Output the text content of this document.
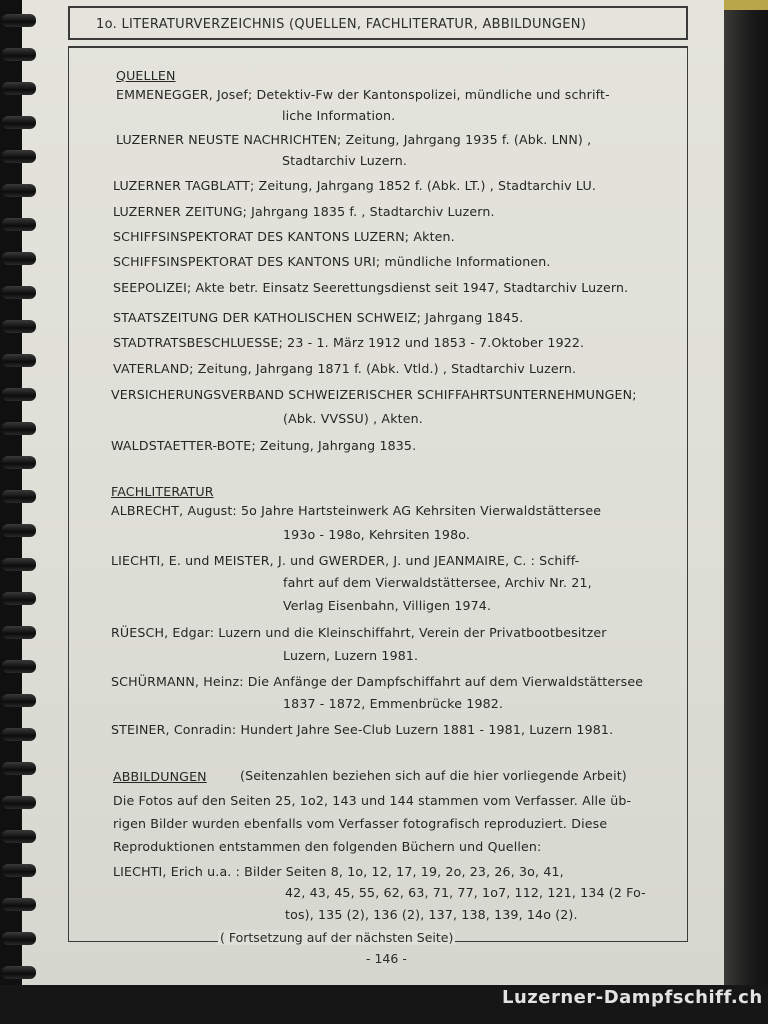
1o. LITERATURVERZEICHNIS (QUELLEN, FACHLITERATUR, ABBILDUNGEN)
QUELLEN
EMMENEGGER, Josef; Detektiv-Fw der Kantonspolizei, mündliche und schrift-
liche Information.
LUZERNER NEUSTE NACHRICHTEN; Zeitung, Jahrgang 1935 f. (Abk. LNN) ,
Stadtarchiv Luzern.
LUZERNER TAGBLATT; Zeitung, Jahrgang 1852 f. (Abk. LT.) , Stadtarchiv LU.
LUZERNER ZEITUNG; Jahrgang 1835 f. , Stadtarchiv Luzern.
SCHIFFSINSPEKTORAT DES KANTONS LUZERN; Akten.
SCHIFFSINSPEKTORAT DES KANTONS URI; mündliche Informationen.
SEEPOLIZEI; Akte betr. Einsatz Seerettungsdienst seit 1947, Stadtarchiv Luzern.
STAATSZEITUNG DER KATHOLISCHEN SCHWEIZ; Jahrgang 1845.
STADTRATSBESCHLUESSE; 23 - 1. März 1912 und 1853 - 7.Oktober 1922.
VATERLAND; Zeitung, Jahrgang 1871 f. (Abk. Vtld.) , Stadtarchiv Luzern.
VERSICHERUNGSVERBAND SCHWEIZERISCHER SCHIFFAHRTSUNTERNEHMUNGEN;
(Abk. VVSSU) , Akten.
WALDSTAETTER-BOTE; Zeitung, Jahrgang 1835.
FACHLITERATUR
ALBRECHT, August: 5o Jahre Hartsteinwerk AG Kehrsiten Vierwaldstättersee
193o - 198o, Kehrsiten 198o.
LIECHTI, E. und MEISTER, J. und GWERDER, J. und JEANMAIRE, C. : Schiff-
fahrt auf dem Vierwaldstättersee, Archiv Nr. 21,
Verlag Eisenbahn, Villigen 1974.
RÜESCH, Edgar: Luzern und die Kleinschiffahrt, Verein der Privatbootbesitzer
Luzern, Luzern 1981.
SCHÜRMANN, Heinz: Die Anfänge der Dampfschiffahrt auf dem Vierwaldstättersee
1837 - 1872, Emmenbrücke 1982.
STEINER, Conradin: Hundert Jahre See-Club Luzern 1881 - 1981, Luzern 1981.
ABBILDUNGEN	(Seitenzahlen beziehen sich auf die hier vorliegende Arbeit)
Die Fotos auf den Seiten 25, 1o2, 143 und 144 stammen vom Verfasser. Alle üb-
rigen Bilder wurden ebenfalls vom Verfasser fotografisch reproduziert. Diese
Reproduktionen entstammen den folgenden Büchern und Quellen:
LIECHTI, Erich u.a. : Bilder Seiten 8, 1o, 12, 17, 19, 2o, 23, 26, 3o, 41,
42, 43, 45, 55, 62, 63, 71, 77, 1o7, 112, 121, 134 (2 Fo-
tos), 135 (2), 136 (2), 137, 138, 139, 14o (2).
( Fortsetzung auf der nächsten Seite)
- 146 -
Luzerner-Dampfschiff.ch
